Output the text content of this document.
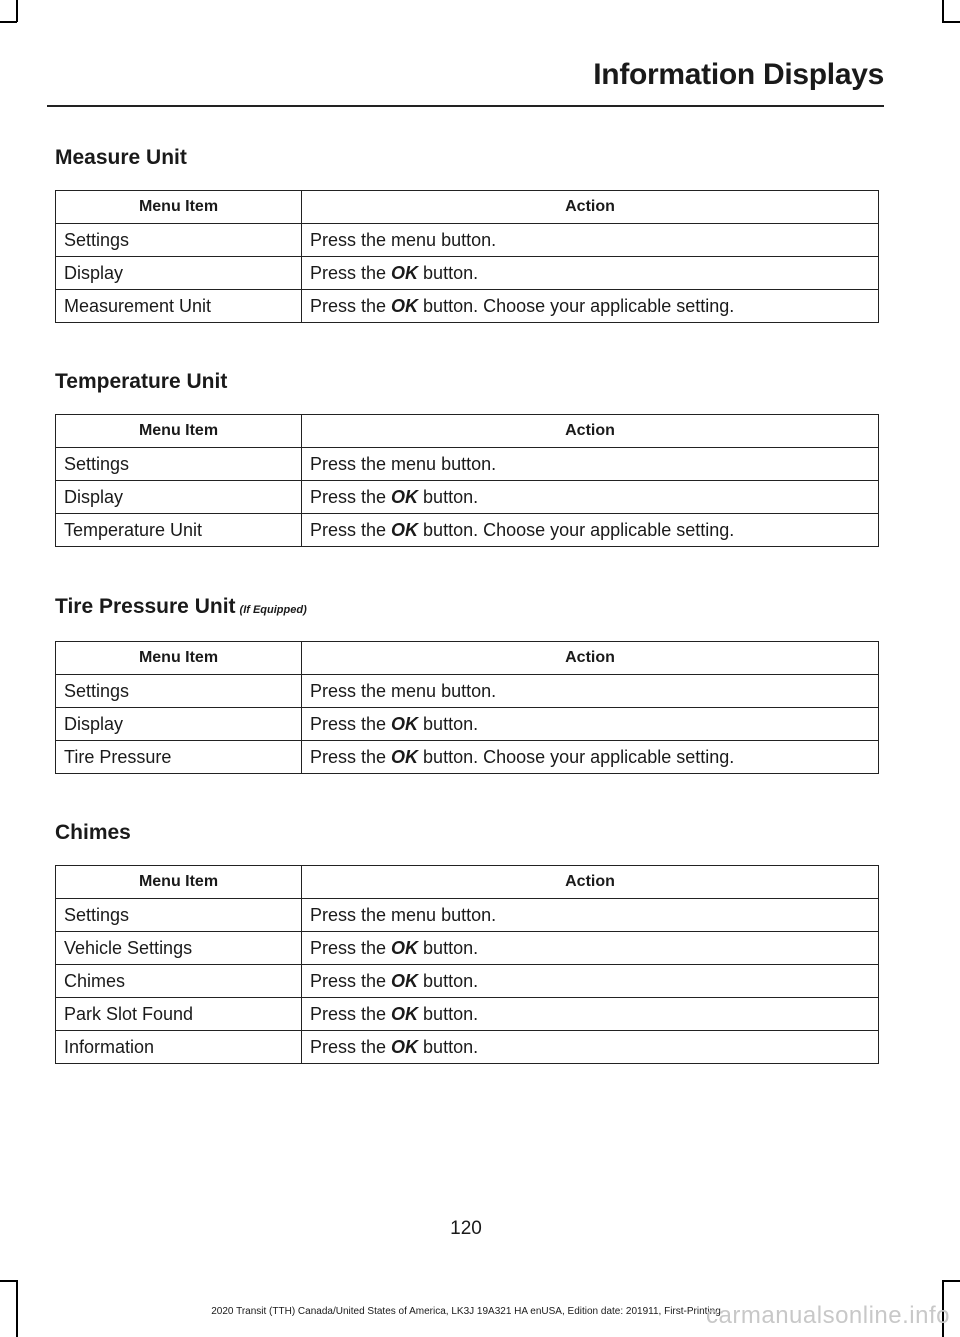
Information Displays
Measure Unit
Menu Item	Action
Settings	Press the menu button.
Display	Press the OK button.
Measurement Unit	Press the OK button. Choose your applicable setting.
Temperature Unit
Menu Item	Action
Settings	Press the menu button.
Display	Press the OK button.
Temperature Unit	Press the OK button. Choose your applicable setting.
Tire Pressure Unit (If Equipped)
Menu Item	Action
Settings	Press the menu button.
Display	Press the OK button.
Tire Pressure	Press the OK button. Choose your applicable setting.
Chimes
Menu Item	Action
Settings	Press the menu button.
Vehicle Settings	Press the OK button.
Chimes	Press the OK button.
Park Slot Found	Press the OK button.
Information	Press the OK button.

120

2020 Transit (TTH) Canada/United States of America, LK3J 19A321 HA enUSA, Edition date: 201911, First-Printing

carmanualsonline.info
